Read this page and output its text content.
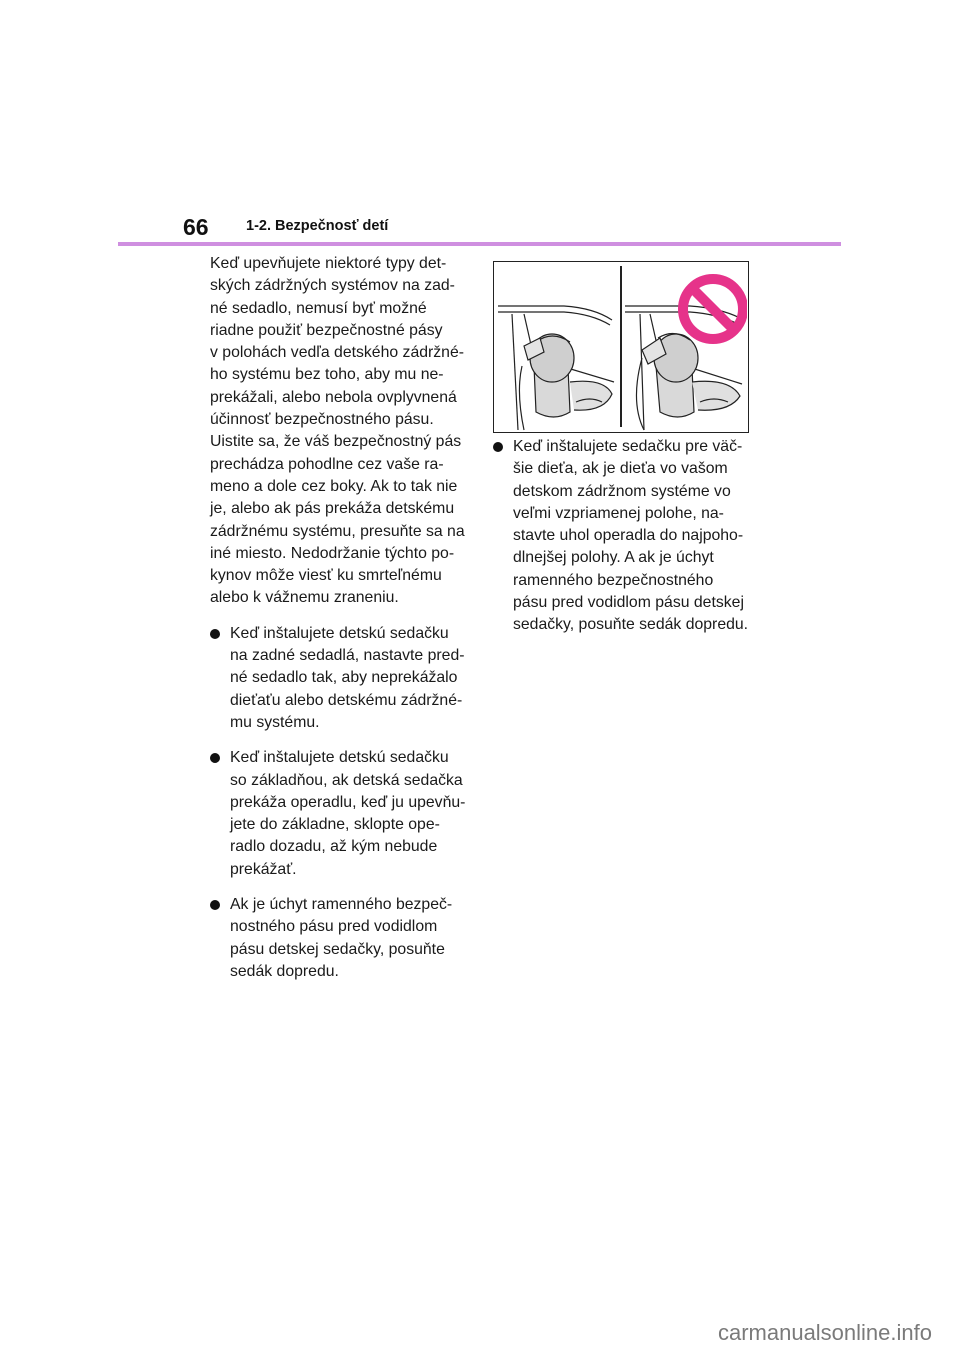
66	1-2. Bezpečnosť detí

Keď upevňujete niektoré typy det-
ských zádržných systémov na zad-
né sedadlo, nemusí byť možné
riadne použiť bezpečnostné pásy
v polohách vedľa detského zádržné-
ho systému bez toho, aby mu ne-
prekážali, alebo nebola ovplyvnená
účinnosť bezpečnostného pásu.
Uistite sa, že váš bezpečnostný pás
prechádza pohodlne cez vaše ra-
meno a dole cez boky. Ak to tak nie
je, alebo ak pás prekáža detskému
zádržnému systému, presuňte sa na
iné miesto. Nedodržanie týchto po-
kynov môže viesť ku smrteľnému
alebo k vážnemu zraneniu.

Keď inštalujete detskú sedačku
na zadné sedadlá, nastavte pred-
né sedadlo tak, aby neprekážalo
dieťaťu alebo detskému zádržné-
mu systému.

Keď inštalujete detskú sedačku
so základňou, ak detská sedačka
prekáža operadlu, keď ju upevňu-
jete do základne, sklopte ope-
radlo dozadu, až kým nebude
prekážať.

Ak je úchyt ramenného bezpeč-
nostného pásu pred vodidlom
pásu detskej sedačky, posuňte
sedák dopredu.

Keď inštalujete sedačku pre väč-
šie dieťa, ak je dieťa vo vašom
detskom zádržnom systéme vo
veľmi vzpriamenej polohe, na-
stavte uhol operadla do najpoho-
dlnejšej polohy. A ak je úchyt
ramenného bezpečnostného
pásu pred vodidlom pásu detskej
sedačky, posuňte sedák dopredu.

carmanualsonline.info
